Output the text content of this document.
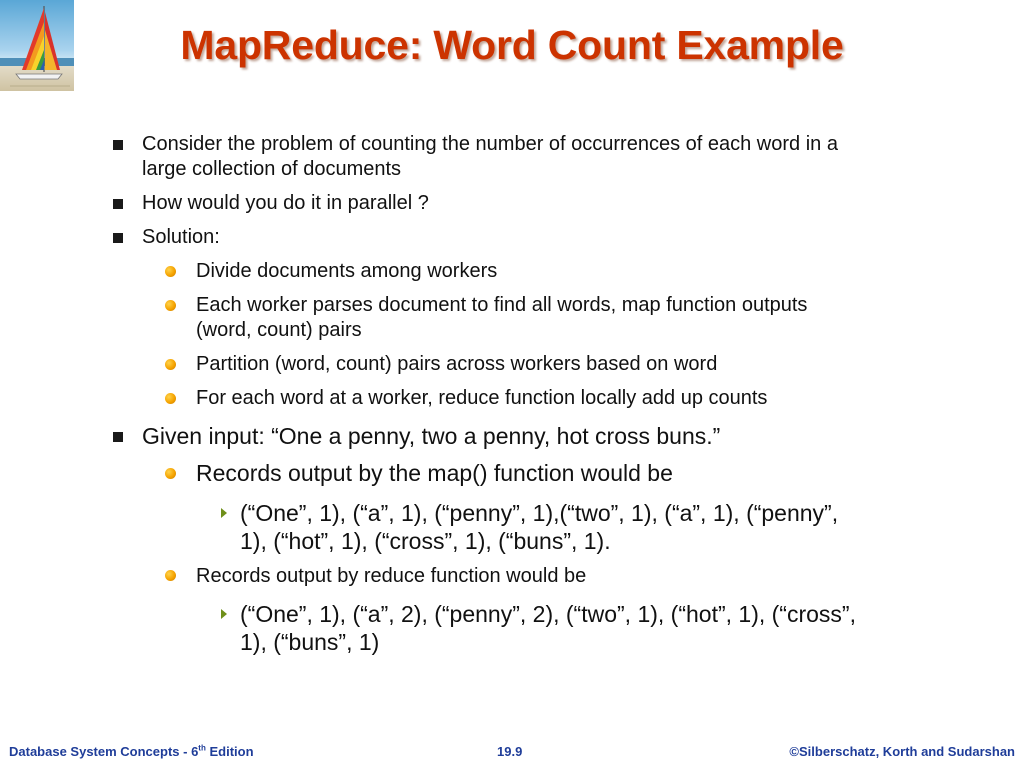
MapReduce: Word Count Example
Consider the problem of counting the number of occurrences of each word in a
large collection of documents
How would you do it in parallel ?
Solution:
Divide documents among workers
Each worker parses document to find all words, map function outputs
(word, count) pairs
Partition (word, count) pairs across workers based on word
For each word at a worker, reduce function locally add up counts
Given input: “One a penny, two a penny, hot cross buns.”
Records output by the map() function would be
(“One”, 1), (“a”, 1), (“penny”, 1),(“two”, 1), (“a”, 1), (“penny”,
1), (“hot”, 1), (“cross”, 1), (“buns”, 1).
Records output by reduce function would be
(“One”, 1), (“a”, 2), (“penny”, 2), (“two”, 1), (“hot”, 1), (“cross”,
1), (“buns”, 1)
Database System Concepts - 6th Edition	19.9	©Silberschatz, Korth and Sudarshan
